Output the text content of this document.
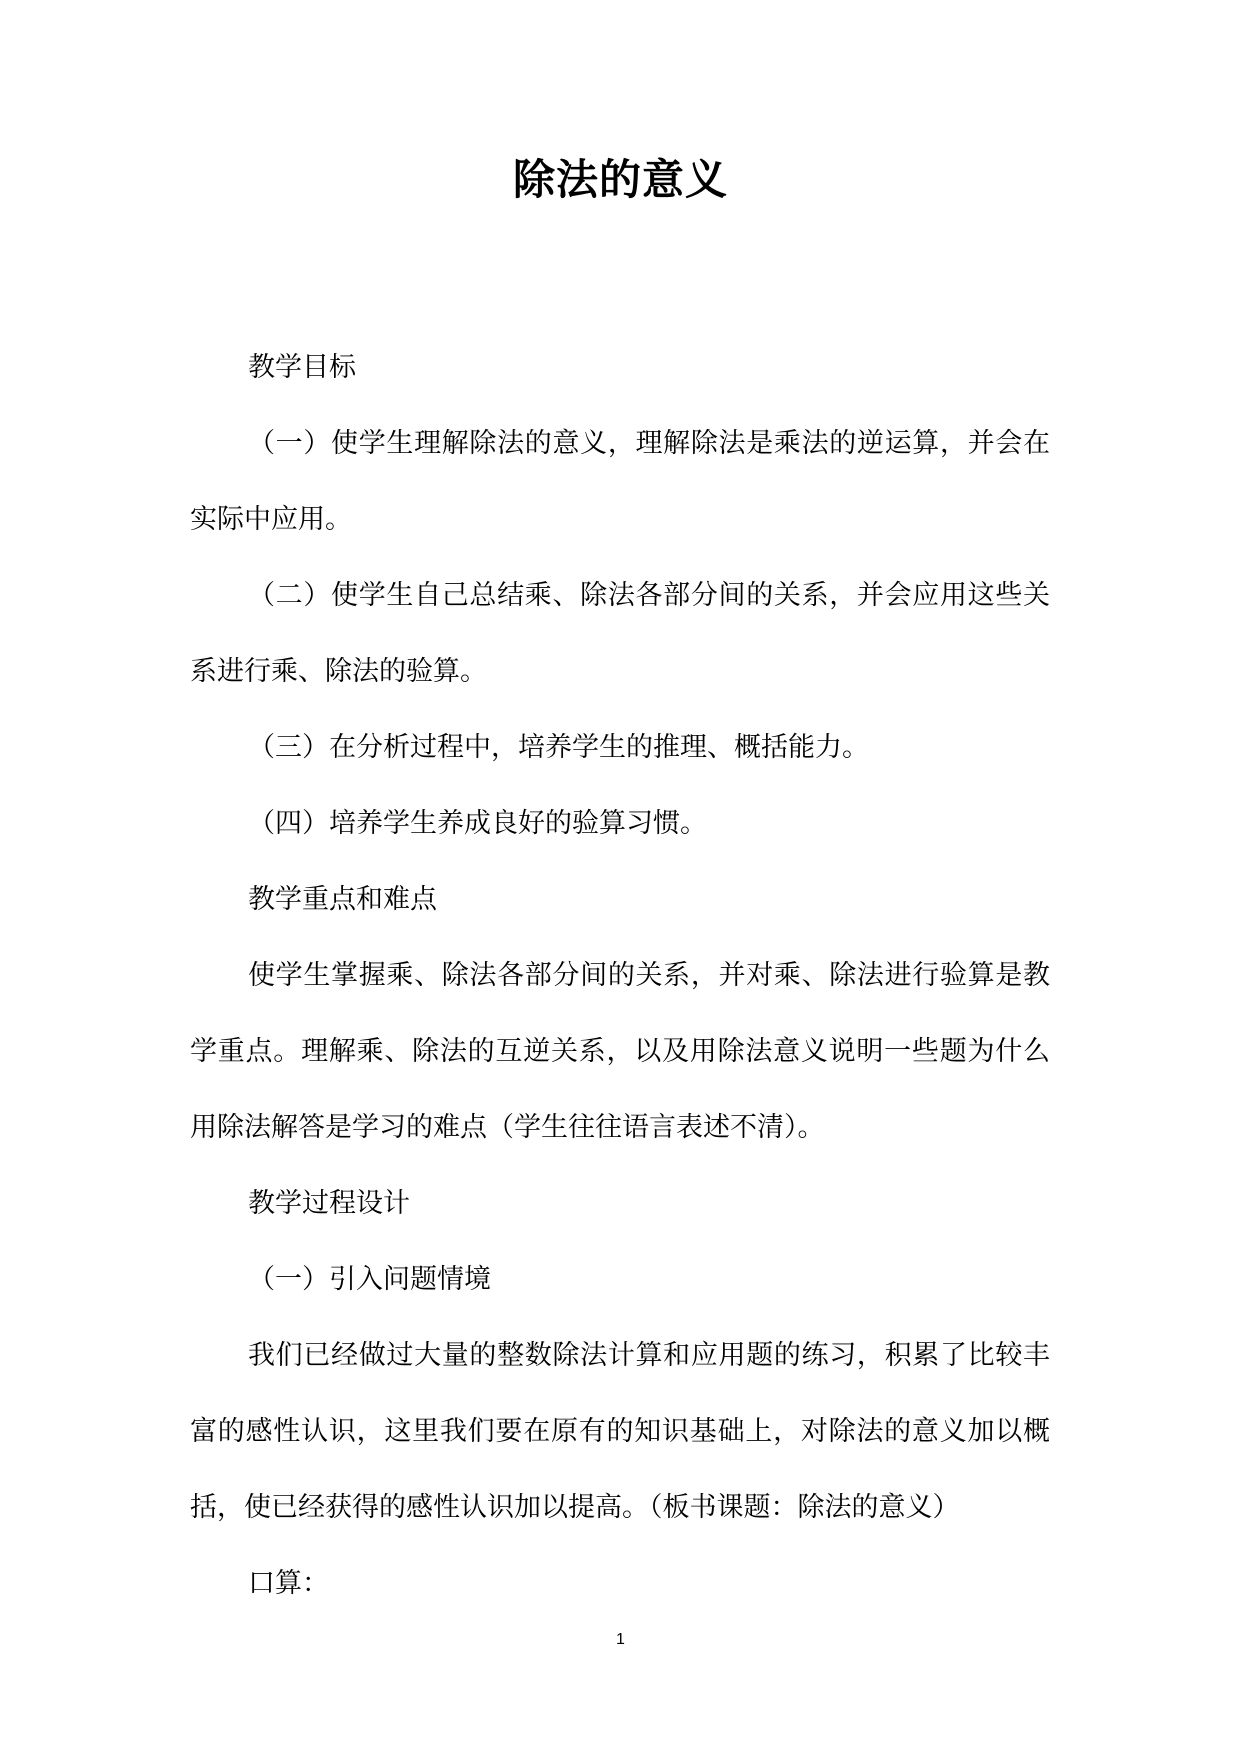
除法的意义

教学目标

（一）使学生理解除法的意义，理解除法是乘法的逆运算，并会在实际中应用。

（二）使学生自己总结乘、除法各部分间的关系，并会应用这些关系进行乘、除法的验算。

（三）在分析过程中，培养学生的推理、概括能力。

（四）培养学生养成良好的验算习惯。

教学重点和难点

使学生掌握乘、除法各部分间的关系，并对乘、除法进行验算是教学重点。理解乘、除法的互逆关系，以及用除法意义说明一些题为什么用除法解答是学习的难点（学生往往语言表述不清）。

教学过程设计

（一）引入问题情境

我们已经做过大量的整数除法计算和应用题的练习，积累了比较丰富的感性认识，这里我们要在原有的知识基础上，对除法的意义加以概括，使已经获得的感性认识加以提高。（板书课题：除法的意义）

口算：

1
